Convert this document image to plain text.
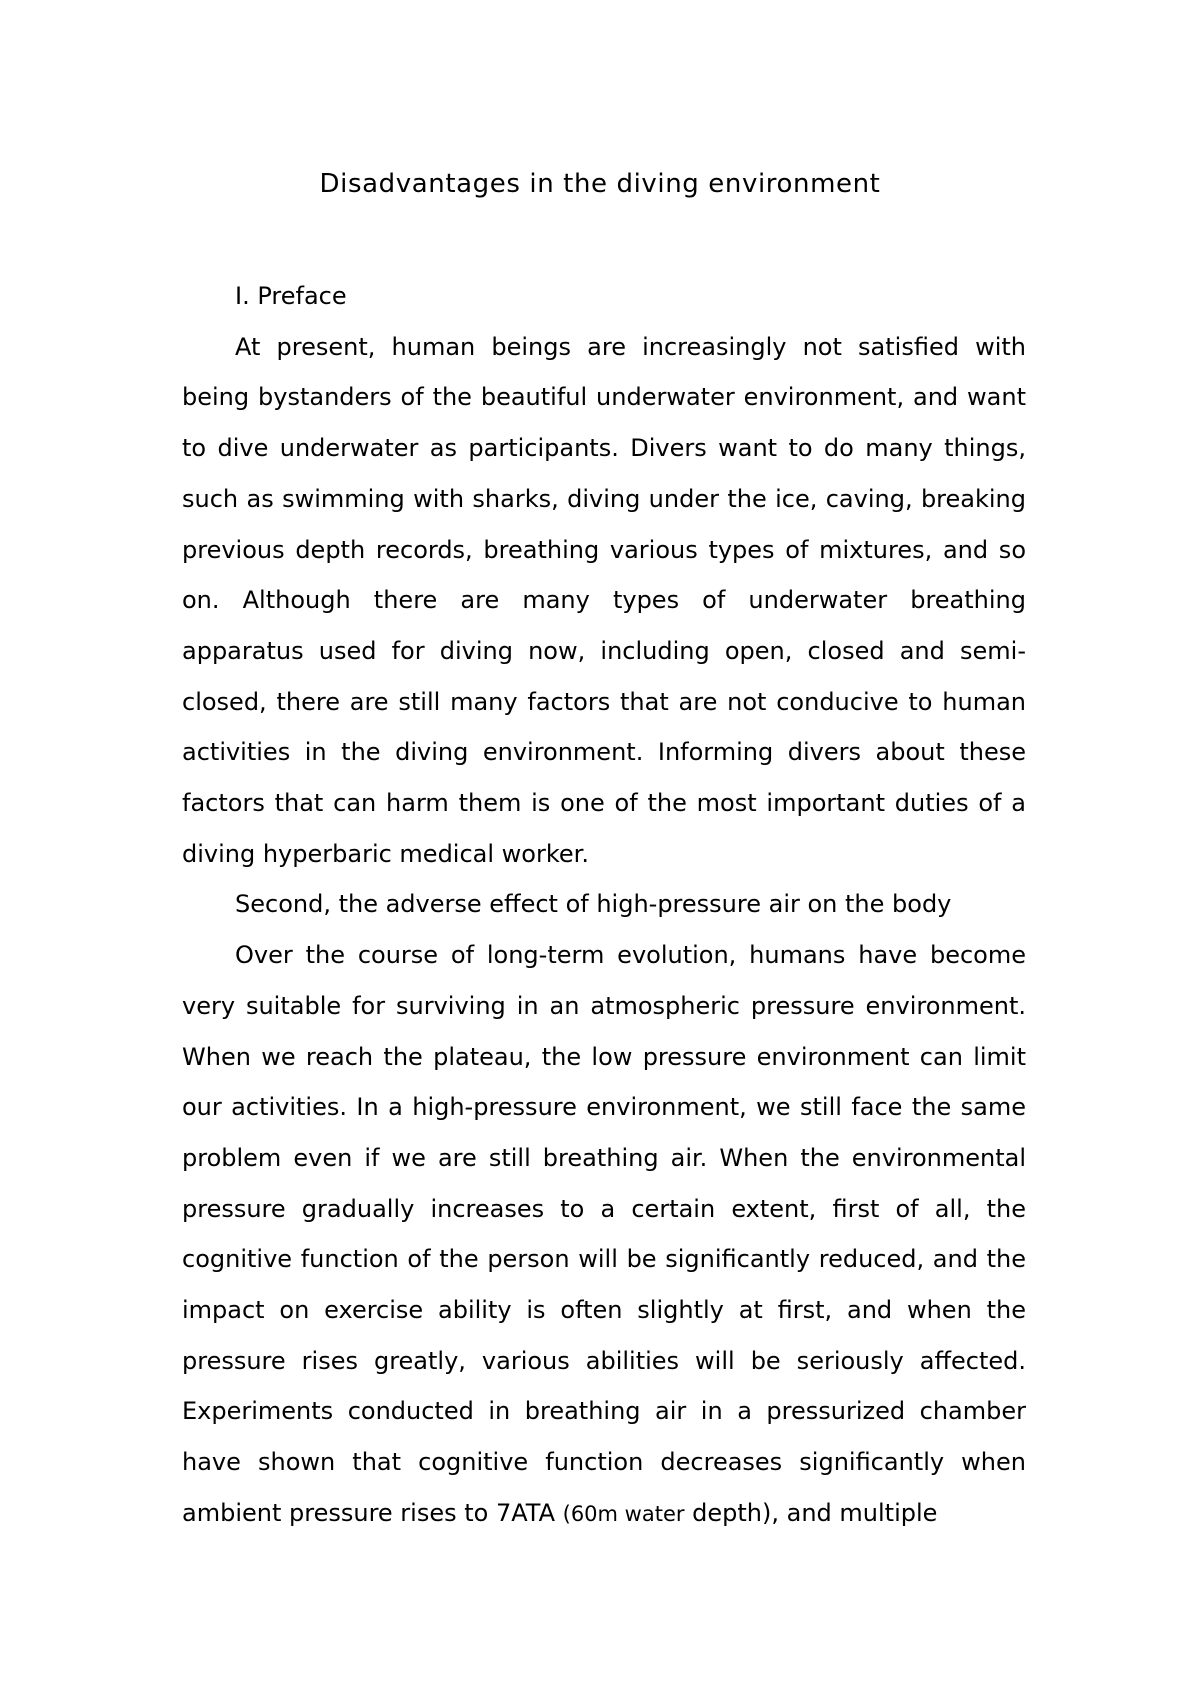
Disadvantages in the diving environment

I. Preface

At present, human beings are increasingly not satisfied with being bystanders of the beautiful underwater environment, and want to dive underwater as participants. Divers want to do many things, such as swimming with sharks, diving under the ice, caving, breaking previous depth records, breathing various types of mixtures, and so on. Although there are many types of underwater breathing apparatus used for diving now, including open, closed and semi-closed, there are still many factors that are not conducive to human activities in the diving environment. Informing divers about these factors that can harm them is one of the most important duties of a diving hyperbaric medical worker.

Second, the adverse effect of high-pressure air on the body

Over the course of long-term evolution, humans have become very suitable for surviving in an atmospheric pressure environment. When we reach the plateau, the low pressure environment can limit our activities. In a high-pressure environment, we still face the same problem even if we are still breathing air. When the environmental pressure gradually increases to a certain extent, first of all, the cognitive function of the person will be significantly reduced, and the impact on exercise ability is often slightly at first, and when the pressure rises greatly, various abilities will be seriously affected. Experiments conducted in breathing air in a pressurized chamber have shown that cognitive function decreases significantly when ambient pressure rises to 7ATA (60m water depth), and multiple
